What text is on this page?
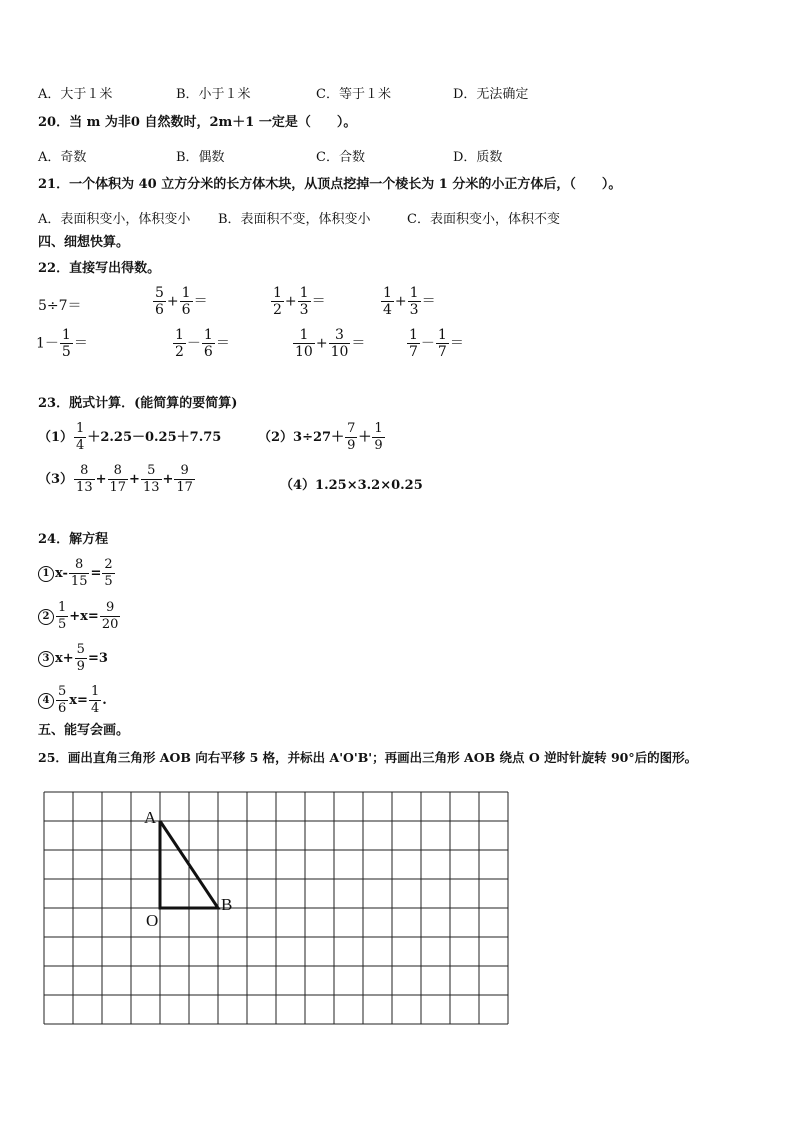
A．大于１米	B．小于１米	C．等于１米	D．无法确定
20．当 m 为非0 自然数时，2m＋1 一定是（　　）。
A．奇数	B．偶数	C．合数	D．质数
21．一个体积为 40 立方分米的长方体木块，从顶点挖掉一个棱长为 1 分米的小正方体后，（　　）。
A．表面积变小，体积变小 B．表面积不变，体积变小	C．表面积变小，体积不变
四、细想快算。
22．直接写出得数。
5÷7＝	$\frac{5}{6} + \frac{1}{6}$ ＝	$\frac{1}{2} + \frac{1}{3}$ ＝	$\frac{1}{4} + \frac{1}{3}$ ＝
$1- \frac{1}{5}$ ＝	$\frac{1}{2} - \frac{1}{6}$ ＝	$\frac{1}{10} + \frac{3}{10}$ ＝	$\frac{1}{7} - \frac{1}{7}$ ＝
23．脱式计算．(能简算的要简算)
$(1) \frac{1}{4} +2.25-0.25+7.75$	$(2)3\div 27+ \frac{7}{9} + \frac{1}{9}$
$(3) \frac{8}{13} + \frac{8}{17} + \frac{5}{13} + \frac{9}{17}$	（4）1.25×3.2×0.25
24．解方程
1 $x- \frac{8}{15} = \frac{2}{5}$
$2 \frac{1}{5} +x= \frac{9}{20}$
3 $x+ \frac{5}{9} =3$
$4 \frac{5}{6} x= \frac{1}{4}$ .
五、能写会画。
25．画出直角三角形 AOB 向右平移 5 格，并标出 A'O'B'；再画出三角形 AOB 绕点 O 逆时针旋转 90°后的图形。
A
O
B
